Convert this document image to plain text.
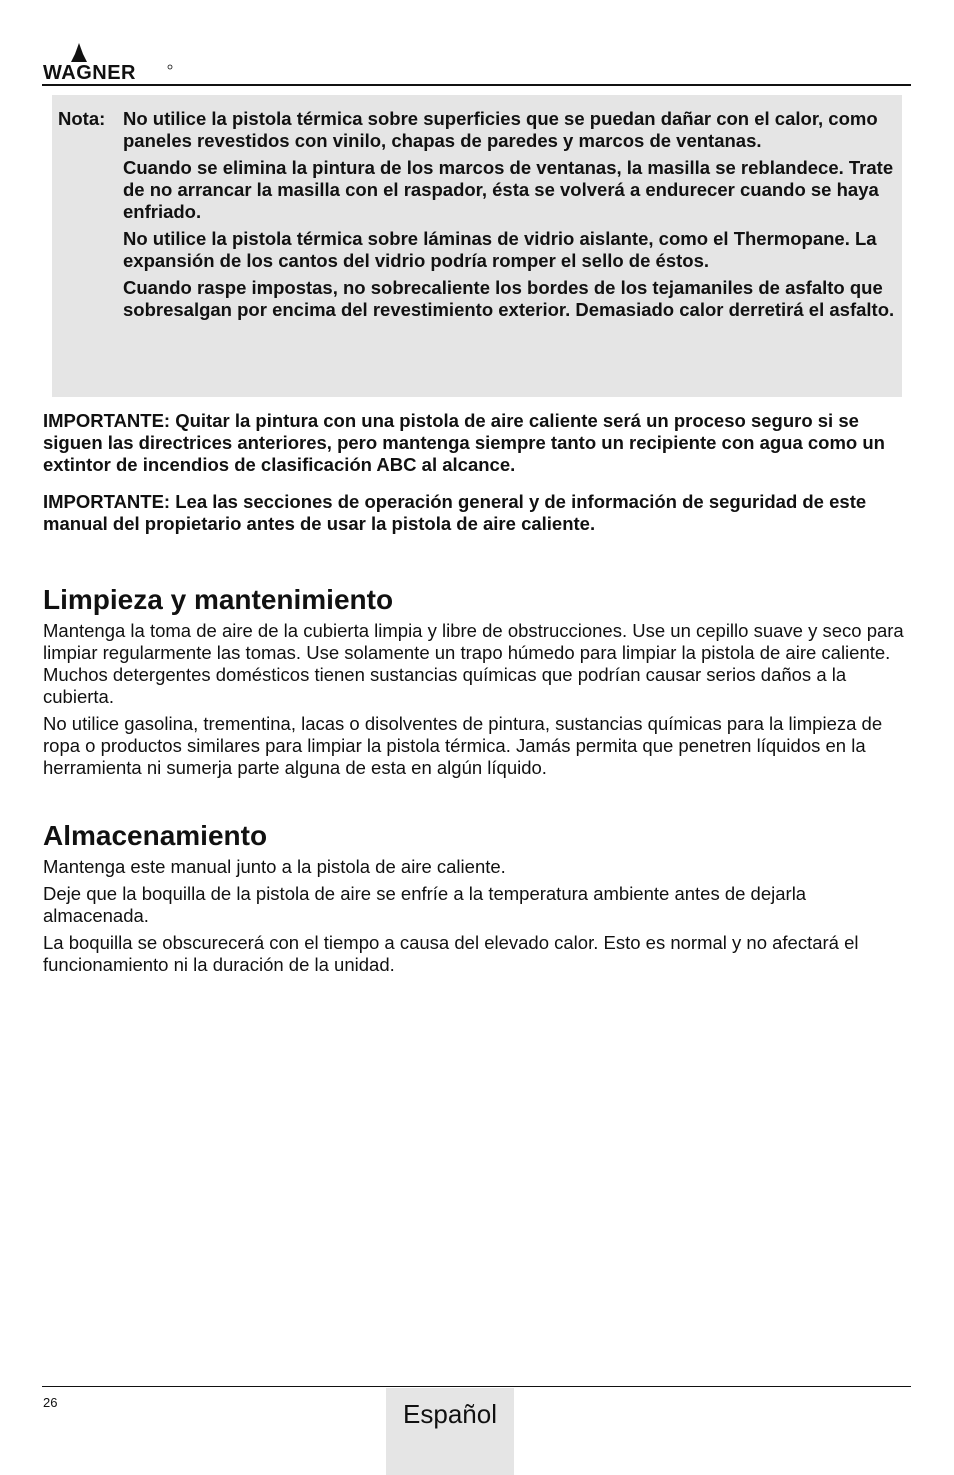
WAGNER
Nota: No utilice la pistola térmica sobre superficies que se puedan dañar con el calor, como paneles revestidos con vinilo, chapas de paredes y marcos de ventanas.

Cuando se elimina la pintura de los marcos de ventanas, la masilla se reblandece. Trate de no arrancar la masilla con el raspador, ésta se volverá a endurecer cuando se haya enfriado.

No utilice la pistola térmica sobre láminas de vidrio aislante, como el Thermopane. La expansión de los cantos del vidrio podría romper el sello de éstos.

Cuando raspe impostas, no sobrecaliente los bordes de los tejamaniles de asfalto que sobresalgan por encima del revestimiento exterior. Demasiado calor derretirá el asfalto.

IMPORTANTE: Quitar la pintura con una pistola de aire caliente será un proceso seguro si se siguen las directrices anteriores, pero mantenga siempre tanto un recipiente con agua como un extintor de incendios de clasificación ABC al alcance.

IMPORTANTE: Lea las secciones de operación general y de información de seguridad de este manual del propietario antes de usar la pistola de aire caliente.

Limpieza y mantenimiento

Mantenga la toma de aire de la cubierta limpia y libre de obstrucciones. Use un cepillo suave y seco para limpiar regularmente las tomas. Use solamente un trapo húmedo para limpiar la pistola de aire caliente. Muchos detergentes domésticos tienen sustancias químicas que podrían causar serios daños a la cubierta.

No utilice gasolina, trementina, lacas o disolventes de pintura, sustancias químicas para la limpieza de ropa o productos similares para limpiar la pistola térmica. Jamás permita que penetren líquidos en la herramienta ni sumerja parte alguna de esta en algún líquido.

Almacenamiento

Mantenga este manual junto a la pistola de aire caliente.

Deje que la boquilla de la pistola de aire se enfríe a la temperatura ambiente antes de dejarla almacenada.

La boquilla se obscurecerá con el tiempo a causa del elevado calor. Esto es normal y no afectará el funcionamiento ni la duración de la unidad.

26	Español
